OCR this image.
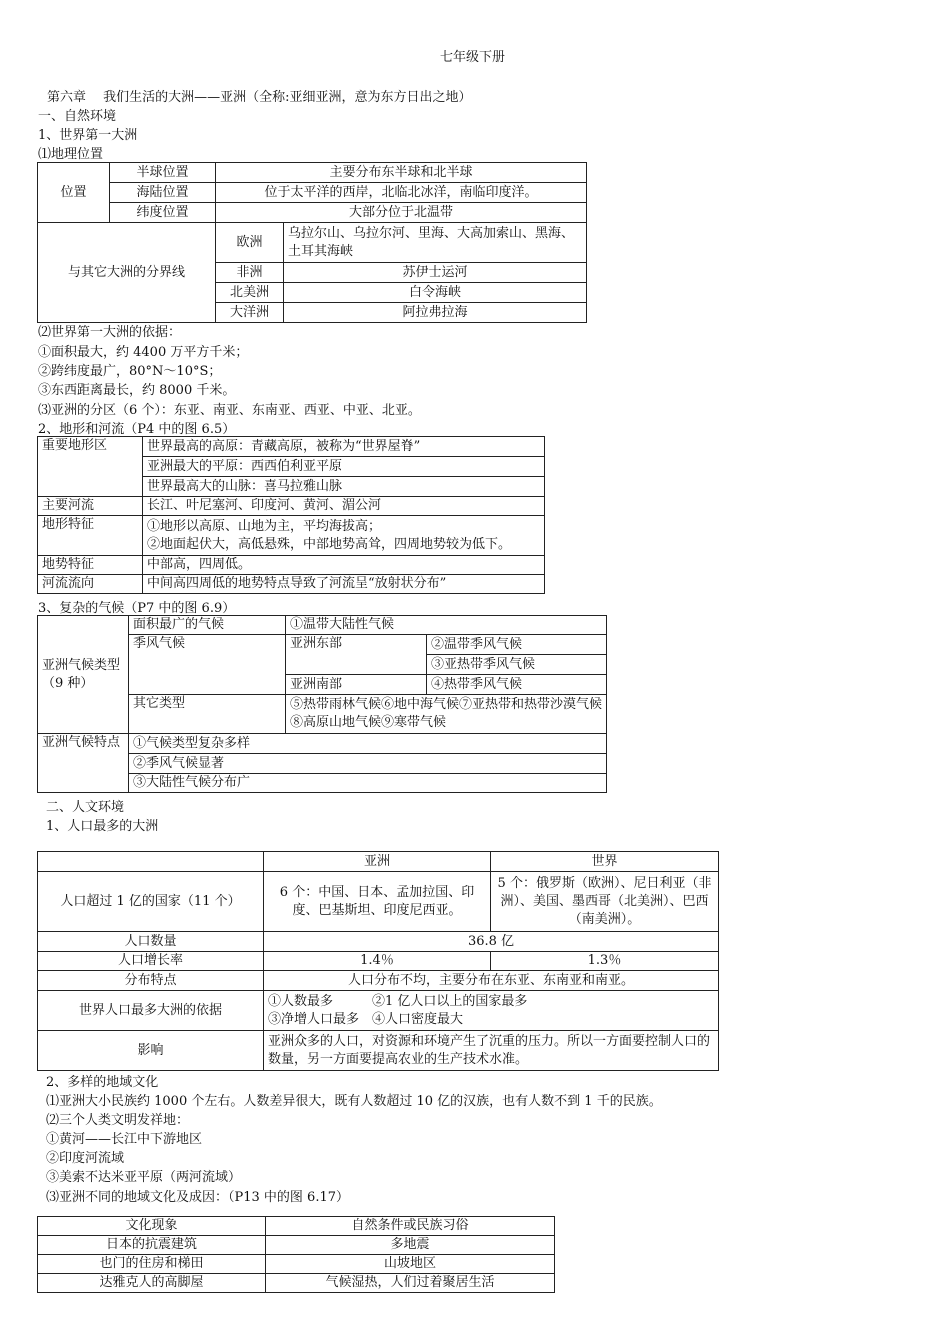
七年级下册
第六章　 我们生活的大洲——亚洲（全称:亚细亚洲，意为东方日出之地）
一、自然环境
1、世界第一大洲
⑴地理位置
位置	半球位置	主要分布东半球和北半球	
	海陆位置	位于太平洋的西岸，北临北冰洋，南临印度洋。	
	纬度位置	大部分位于北温带	
与其它大洲的分界线		欧洲	乌拉尔山、乌拉尔河、里海、大高加索山、黑海、土耳其海峡
		非洲	苏伊士运河
		北美洲	白令海峡
		大洋洲	阿拉弗拉海
⑵世界第一大洲的依据：
①面积最大，约 4400 万平方千米；
②跨纬度最广，80°N～10°S；
③东西距离最长，约 8000 千米。
⑶亚洲的分区（6 个）：东亚、南亚、东南亚、西亚、中亚、北亚。
2、地形和河流（P4 中的图 6.5）
重要地形区	世界最高的高原：青藏高原，被称为“世界屋脊”
	亚洲最大的平原：西西伯利亚平原
	世界最高大的山脉：喜马拉雅山脉
主要河流	长江、叶尼塞河、印度河、黄河、湄公河
地形特征	①地形以高原、山地为主，平均海拔高；
②地面起伏大，高低悬殊，中部地势高耸，四周地势较为低下。

地势特征	中部高，四周低。
河流流向	中间高四周低的地势特点导致了河流呈“放射状分布”
3、复杂的气候（P7 中的图 6.9）
亚洲气候类型（9 种）	面积最广的气候	①温带大陆性气候	
	季风气候	亚洲东部	②温带季风气候
			③亚热带季风气候
		亚洲南部	④热带季风气候
	其它类型	⑤热带雨林气候⑥地中海气候⑦亚热带和热带沙漠气候⑧高原山地气候⑨寒带气候	
亚洲气候特点	①气候类型复杂多样		
	②季风气候显著		
	③大陆性气候分布广		
二、人文环境
1、人口最多的大洲
	亚洲	世界
人口超过 1 亿的国家（11 个）	6 个：中国、日本、孟加拉国、印度、巴基斯坦、印度尼西亚。	5 个：俄罗斯（欧洲）、尼日利亚（非洲）、美国、墨西哥（北美洲）、巴西（南美洲）。
人口数量	36.8 亿	
人口增长率	1.4％	1.3％
分布特点	人口分布不均，主要分布在东亚、东南亚和南亚。	
世界人口最多大洲的依据	①人数最多　　　②1 亿人口以上的国家最多
③净增人口最多　④人口密度最大	

影响	亚洲众多的人口，对资源和环境产生了沉重的压力。所以一方面要控制人口的数量，另一方面要提高农业的生产技术水准。	
2、多样的地域文化
⑴亚洲大小民族约 1000 个左右。人数差异很大，既有人数超过 10 亿的汉族，也有人数不到 1 千的民族。
⑵三个人类文明发祥地：
①黄河——长江中下游地区
②印度河流域
③美索不达米亚平原（两河流域）
⑶亚洲不同的地域文化及成因：（P13 中的图 6.17）
文化现象	自然条件或民族习俗
日本的抗震建筑	多地震
也门的住房和梯田	山坡地区
达雅克人的高脚屋	气候湿热，人们过着聚居生活
